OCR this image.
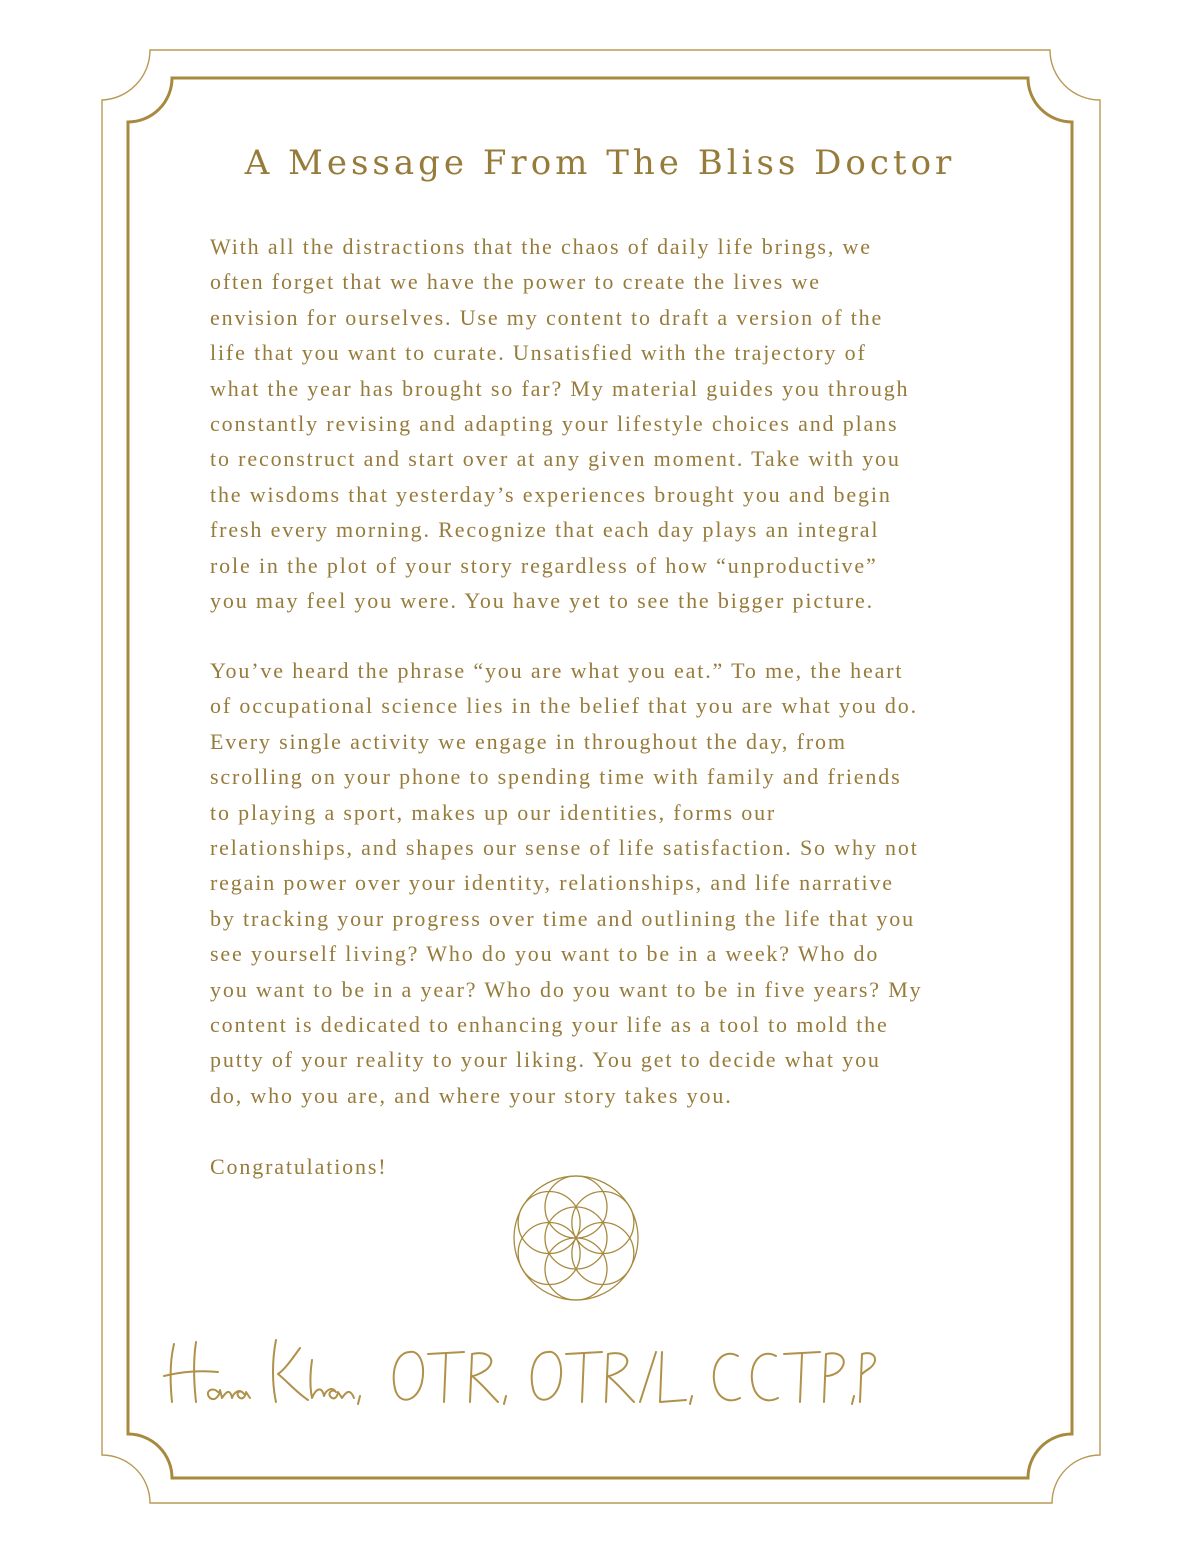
A Message From The Bliss Doctor

With all the distractions that the chaos of daily life brings, we
often forget that we have the power to create the lives we
envision for ourselves. Use my content to draft a version of the
life that you want to curate. Unsatisfied with the trajectory of
what the year has brought so far? My material guides you through
constantly revising and adapting your lifestyle choices and plans
to reconstruct and start over at any given moment. Take with you
the wisdoms that yesterday’s experiences brought you and begin
fresh every morning. Recognize that each day plays an integral
role in the plot of your story regardless of how “unproductive”
you may feel you were. You have yet to see the bigger picture.

You’ve heard the phrase “you are what you eat.” To me, the heart
of occupational science lies in the belief that you are what you do.
Every single activity we engage in throughout the day, from
scrolling on your phone to spending time with family and friends
to playing a sport, makes up our identities, forms our
relationships, and shapes our sense of life satisfaction. So why not
regain power over your identity, relationships, and life narrative
by tracking your progress over time and outlining the life that you
see yourself living? Who do you want to be in a week? Who do
you want to be in a year? Who do you want to be in five years? My
content is dedicated to enhancing your life as a tool to mold the
putty of your reality to your liking. You get to decide what you
do, who you are, and where your story takes you.

Congratulations!
